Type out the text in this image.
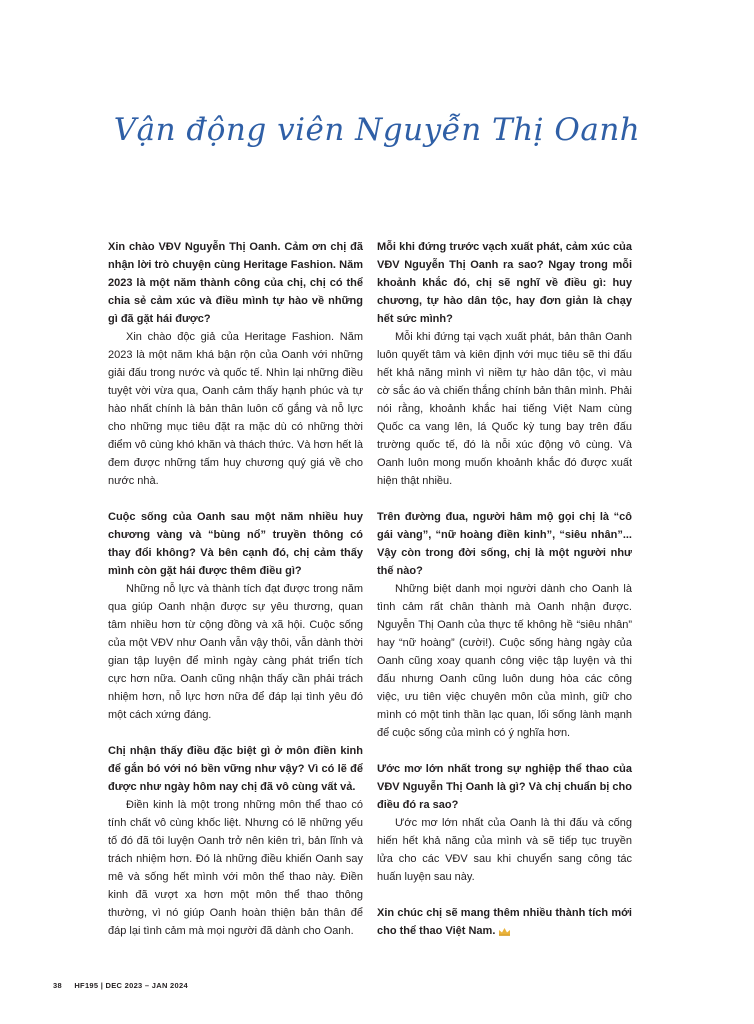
Vận động viên Nguyễn Thị Oanh

Xin chào VĐV Nguyễn Thị Oanh. Cảm ơn chị đã nhận lời trò chuyện cùng Heritage Fashion. Năm 2023 là một năm thành công của chị, chị có thể chia sẻ cảm xúc và điều mình tự hào về những gì đã gặt hái được?

Xin chào độc giả của Heritage Fashion. Năm 2023 là một năm khá bận rộn của Oanh với những giải đấu trong nước và quốc tế. Nhìn lại những điều tuyệt vời vừa qua, Oanh cảm thấy hạnh phúc và tự hào nhất chính là bản thân luôn cố gắng và nỗ lực cho những mục tiêu đặt ra mặc dù có những thời điểm vô cùng khó khăn và thách thức. Và hơn hết là đem được những tấm huy chương quý giá về cho nước nhà.

Cuộc sống của Oanh sau một năm nhiều huy chương vàng và “bùng nổ” truyền thông có thay đổi không? Và bên cạnh đó, chị cảm thấy mình còn gặt hái được thêm điều gì?

Những nỗ lực và thành tích đạt được trong năm qua giúp Oanh nhận được sự yêu thương, quan tâm nhiều hơn từ cộng đồng và xã hội. Cuộc sống của một VĐV như Oanh vẫn vậy thôi, vẫn dành thời gian tập luyện để mình ngày càng phát triển tích cực hơn nữa. Oanh cũng nhận thấy cần phải trách nhiệm hơn, nỗ lực hơn nữa để đáp lại tình yêu đó một cách xứng đáng.

Chị nhận thấy điều đặc biệt gì ở môn điền kinh để gắn bó với nó bền vững như vậy? Vì có lẽ để được như ngày hôm nay chị đã vô cùng vất vả.

Điền kinh là một trong những môn thể thao có tính chất vô cùng khốc liệt. Nhưng có lẽ những yếu tố đó đã tôi luyện Oanh trở nên kiên trì, bản lĩnh và trách nhiệm hơn. Đó là những điều khiến Oanh say mê và sống hết mình với môn thể thao này. Điền kinh đã vượt xa hơn một môn thể thao thông thường, vì nó giúp Oanh hoàn thiện bản thân để đáp lại tình cảm mà mọi người đã dành cho Oanh.

Mỗi khi đứng trước vạch xuất phát, cảm xúc của VĐV Nguyễn Thị Oanh ra sao? Ngay trong mỗi khoảnh khắc đó, chị sẽ nghĩ về điều gì: huy chương, tự hào dân tộc, hay đơn giản là chạy hết sức mình?

Mỗi khi đứng tại vạch xuất phát, bản thân Oanh luôn quyết tâm và kiên định với mục tiêu sẽ thi đấu hết khả năng mình vì niềm tự hào dân tộc, vì màu cờ sắc áo và chiến thắng chính bản thân mình. Phải nói rằng, khoảnh khắc hai tiếng Việt Nam cùng Quốc ca vang lên, lá Quốc kỳ tung bay trên đấu trường quốc tế, đó là nỗi xúc động vô cùng. Và Oanh luôn mong muốn khoảnh khắc đó được xuất hiện thật nhiều.

Trên đường đua, người hâm mộ gọi chị là “cô gái vàng”, “nữ hoàng điền kinh”, “siêu nhân”... Vậy còn trong đời sống, chị là một người như thế nào?

Những biệt danh mọi người dành cho Oanh là tình cảm rất chân thành mà Oanh nhận được. Nguyễn Thị Oanh của thực tế không hề “siêu nhân” hay “nữ hoàng” (cười!). Cuộc sống hàng ngày của Oanh cũng xoay quanh công việc tập luyện và thi đấu nhưng Oanh cũng luôn dung hòa các công việc, ưu tiên việc chuyên môn của mình, giữ cho mình có một tinh thần lạc quan, lối sống lành mạnh để cuộc sống của mình có ý nghĩa hơn.

Ước mơ lớn nhất trong sự nghiệp thể thao của VĐV Nguyễn Thị Oanh là gì? Và chị chuẩn bị cho điều đó ra sao?

Ước mơ lớn nhất của Oanh là thi đấu và cống hiến hết khả năng của mình và sẽ tiếp tục truyền lửa cho các VĐV sau khi chuyển sang công tác huấn luyện sau này.

Xin chúc chị sẽ mang thêm nhiều thành tích mới cho thể thao Việt Nam.

38 HF195 | DEC 2023 – JAN 2024
